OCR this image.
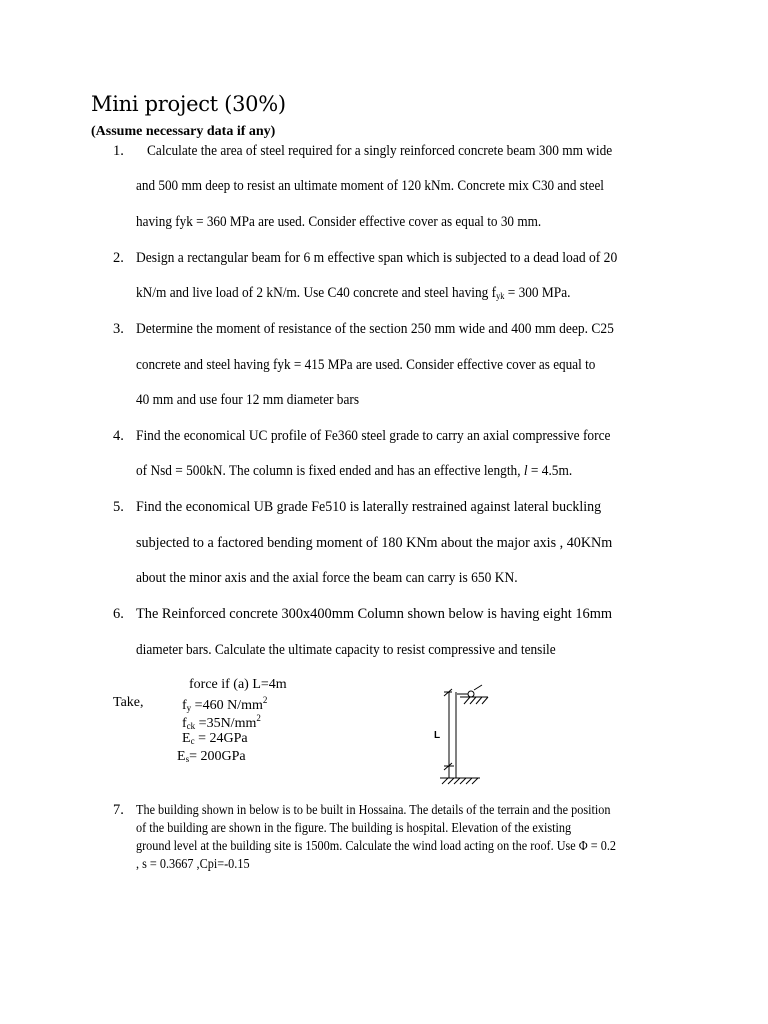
Mini project (30%)
(Assume necessary data if any)
1. Calculate the area of steel required for a singly reinforced concrete beam 300 mm wide
and 500 mm deep to resist an ultimate moment of 120 kNm. Concrete mix C30 and steel
having fyk = 360 MPa are used. Consider effective cover as equal to 30 mm.
2. Design a rectangular beam for 6 m effective span which is subjected to a dead load of 20
kN/m and live load of 2 kN/m. Use C40 concrete and steel having $f_{yk} = 300$ MPa.
3. Determine the moment of resistance of the section 250 mm wide and 400 mm deep. C25
concrete and steel having fyk = 415 MPa are used. Consider effective cover as equal to
40 mm and use four 12 mm diameter bars
4. Find the economical UC profile of Fe360 steel grade to carry an axial compressive force
of Nsd = 500kN. The column is fixed ended and has an effective length, l = 4.5m.
5. Find the economical UB grade Fe510 is laterally restrained against lateral buckling
subjected to a factored bending moment of 180 KNm about the major axis , 40KNm
about the minor axis and the axial force the beam can carry is 650 KN.
6. The Reinforced concrete 300x400mm Column shown below is having eight 16mm
diameter bars. Calculate the ultimate capacity to resist compressive and tensile
force if (a) L=4m
Take,	$f_y =460$ $N/mm^2$
$f_{ck} =35N/mm^2$
$E_c = 24GPa$
$E_s= 200GPa$
L
7. The building shown in below is to be built in Hossaina. The details of the terrain and the position
of the building are shown in the figure. The building is hospital. Elevation of the existing
ground level at the building site is 1500m. Calculate the wind load acting on the roof. Use Φ = 0.2
, s = 0.3667 ,Cpi=-0.15
